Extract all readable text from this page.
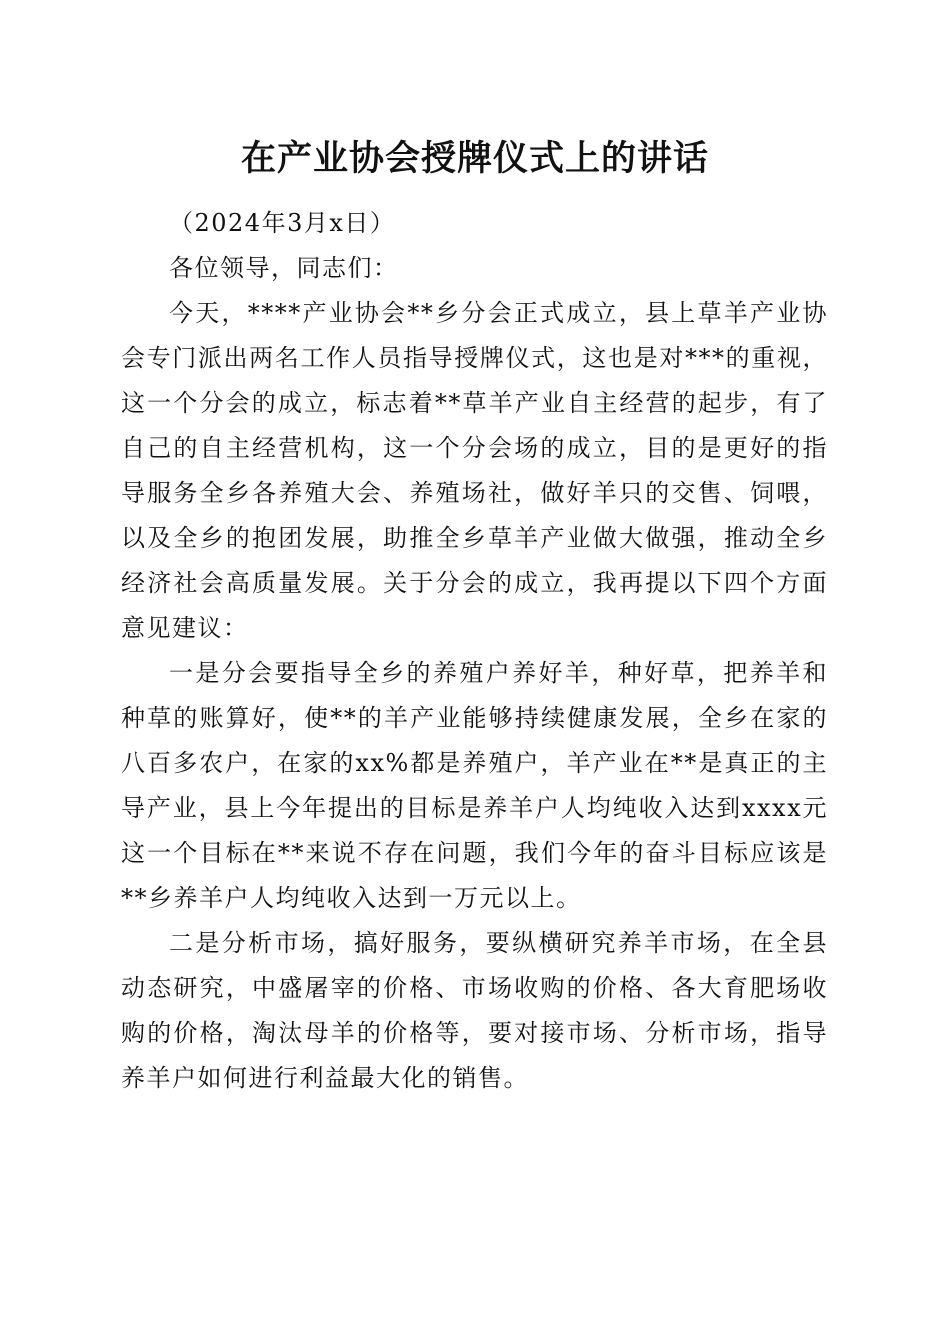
在产业协会授牌仪式上的讲话

（2024年3月x日）

各位领导，同志们：

今天，****产业协会**乡分会正式成立，县上草羊产业协会专门派出两名工作人员指导授牌仪式，这也是对***的重视，这一个分会的成立，标志着**草羊产业自主经营的起步，有了自己的自主经营机构，这一个分会场的成立，目的是更好的指导服务全乡各养殖大会、养殖场社，做好羊只的交售、饲喂，以及全乡的抱团发展，助推全乡草羊产业做大做强，推动全乡经济社会高质量发展。关于分会的成立，我再提以下四个方面意见建议：

一是分会要指导全乡的养殖户养好羊，种好草，把养羊和种草的账算好，使**的羊产业能够持续健康发展，全乡在家的八百多农户，在家的xx%都是养殖户，羊产业在**是真正的主导产业，县上今年提出的目标是养羊户人均纯收入达到xxxx元这一个目标在**来说不存在问题，我们今年的奋斗目标应该是**乡养羊户人均纯收入达到一万元以上。

二是分析市场，搞好服务，要纵横研究养羊市场，在全县动态研究，中盛屠宰的价格、市场收购的价格、各大育肥场收购的价格，淘汰母羊的价格等，要对接市场、分析市场，指导养羊户如何进行利益最大化的销售。
